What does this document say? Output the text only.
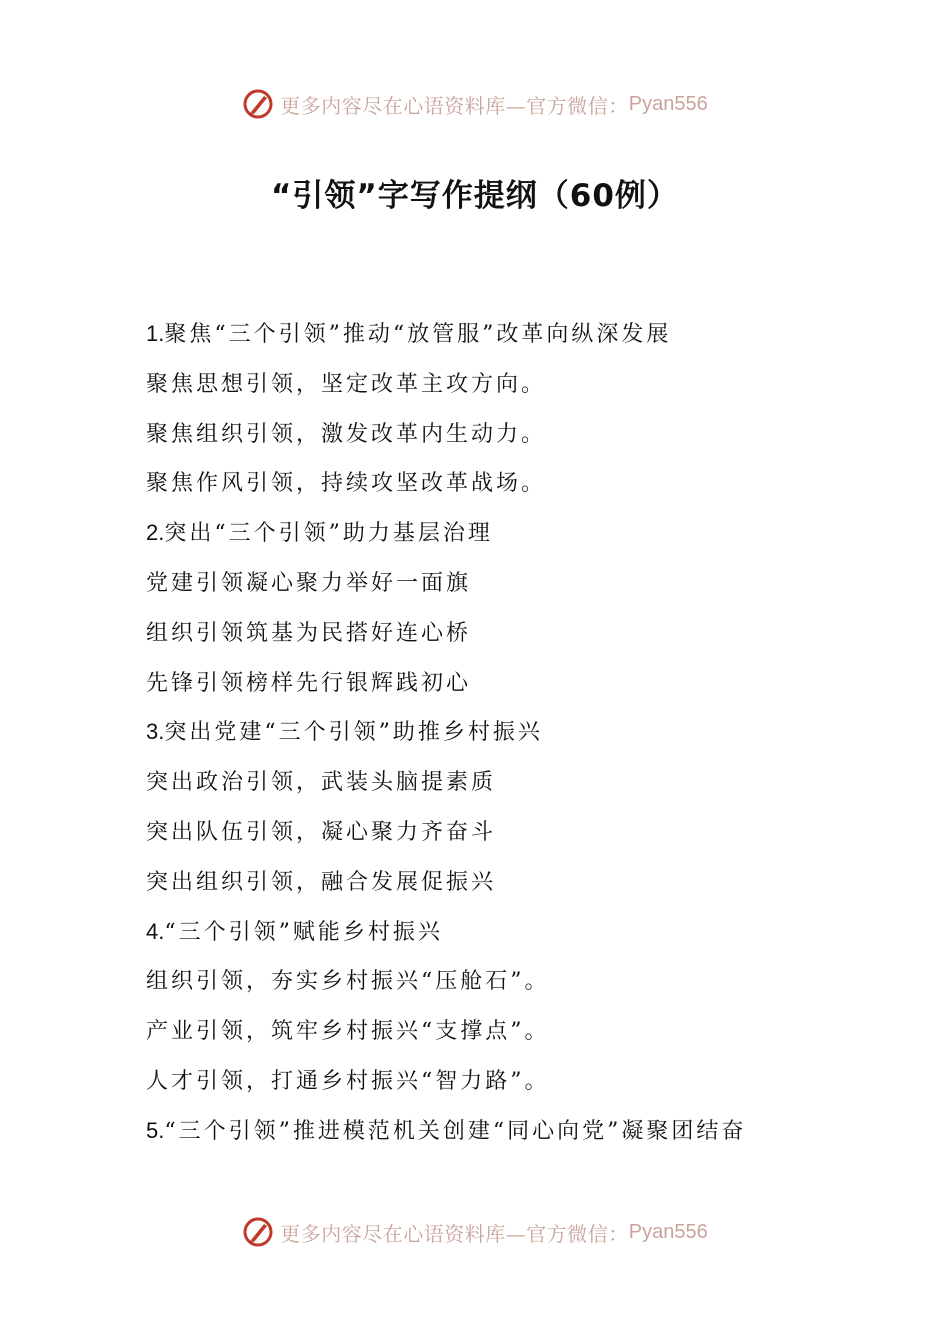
更多内容尽在心语资料库—官方微信： Pyan556
“引领”字写作提纲（60例）
1.聚焦“三个引领”推动“放管服”改革向纵深发展
聚焦思想引领，坚定改革主攻方向。
聚焦组织引领，激发改革内生动力。
聚焦作风引领，持续攻坚改革战场。
2.突出“三个引领”助力基层治理
党建引领凝心聚力举好一面旗
组织引领筑基为民搭好连心桥
先锋引领榜样先行银辉践初心
3.突出党建“三个引领”助推乡村振兴
突出政治引领，武装头脑提素质
突出队伍引领，凝心聚力齐奋斗
突出组织引领，融合发展促振兴
4.“三个引领”赋能乡村振兴
组织引领，夯实乡村振兴“压舱石”。
产业引领，筑牢乡村振兴“支撑点”。
人才引领，打通乡村振兴“智力路”。
5.“三个引领”推进模范机关创建“同心向党”凝聚团结奋
更多内容尽在心语资料库—官方微信： Pyan556
